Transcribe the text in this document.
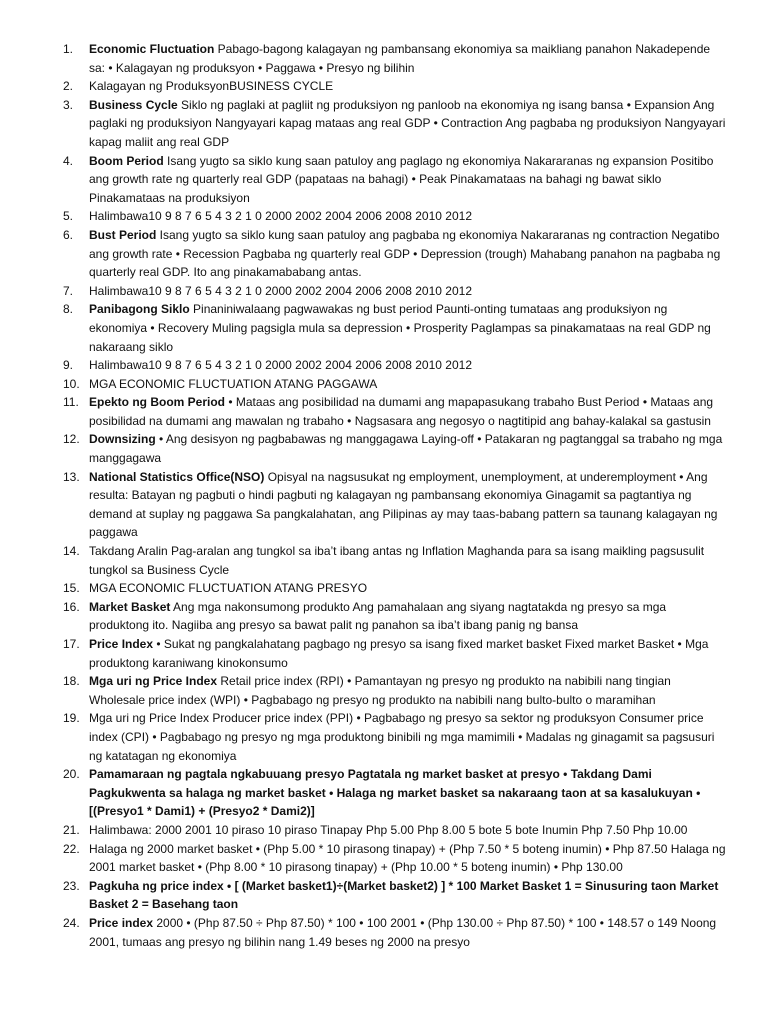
1.	Economic Fluctuation Pabago-bagong kalagayan ng pambansang ekonomiya sa maikliang panahon Nakadepende sa: • Kalagayan ng produksyon • Paggawa • Presyo ng bilihin
2.	Kalagayan ng ProduksyonBUSINESS CYCLE
3.	Business Cycle Siklo ng paglaki at pagliit ng produksiyon ng panloob na ekonomiya ng isang bansa • Expansion Ang paglaki ng produksiyon Nangyayari kapag mataas ang real GDP • Contraction Ang pagbaba ng produksiyon Nangyayari kapag maliit ang real GDP
4.	Boom Period Isang yugto sa siklo kung saan patuloy ang paglago ng ekonomiya Nakararanas ng expansion Positibo ang growth rate ng quarterly real GDP (papataas na bahagi) • Peak Pinakamataas na bahagi ng bawat siklo Pinakamataas na produksiyon
5.	Halimbawa10 9 8 7 6 5 4 3 2 1 0 2000 2002 2004 2006 2008 2010 2012
6.	Bust Period Isang yugto sa siklo kung saan patuloy ang pagbaba ng ekonomiya Nakararanas ng contraction Negatibo ang growth rate • Recession Pagbaba ng quarterly real GDP • Depression (trough) Mahabang panahon na pagbaba ng quarterly real GDP. Ito ang pinakamababang antas.
7.	Halimbawa10 9 8 7 6 5 4 3 2 1 0 2000 2002 2004 2006 2008 2010 2012
8.	Panibagong Siklo Pinaniniwalaang pagwawakas ng bust period Paunti-onting tumataas ang produksiyon ng ekonomiya • Recovery Muling pagsigla mula sa depression • Prosperity Paglampas sa pinakamataas na real GDP ng nakaraang siklo
9.	Halimbawa10 9 8 7 6 5 4 3 2 1 0 2000 2002 2004 2006 2008 2010 2012
10. MGA ECONOMIC FLUCTUATION ATANG PAGGAWA
11. Epekto ng Boom Period • Mataas ang posibilidad na dumami ang mapapasukang trabaho Bust Period • Mataas ang posibilidad na dumami ang mawalan ng trabaho • Nagsasara ang negosyo o nagtitipid ang bahay-kalakal sa gastusin
12. Downsizing • Ang desisyon ng pagbabawas ng manggagawa Laying-off • Patakaran ng pagtanggal sa trabaho ng mga manggagawa
13. National Statistics Office(NSO) Opisyal na nagsusukat ng employment, unemployment, at underemployment • Ang resulta: Batayan ng pagbuti o hindi pagbuti ng kalagayan ng pambansang ekonomiya Ginagamit sa pagtantiya ng demand at suplay ng paggawa Sa pangkalahatan, ang Pilipinas ay may taas-babang pattern sa taunang kalagayan ng paggawa
14. Takdang Aralin Pag-aralan ang tungkol sa iba’t ibang antas ng Inflation Maghanda para sa isang maikling pagsusulit tungkol sa Business Cycle
15. MGA ECONOMIC FLUCTUATION ATANG PRESYO
16. Market Basket Ang mga nakonsumong produkto Ang pamahalaan ang siyang nagtatakda ng presyo sa mga produktong ito. Nagiiba ang presyo sa bawat palit ng panahon sa iba’t ibang panig ng bansa
17. Price Index • Sukat ng pangkalahatang pagbago ng presyo sa isang fixed market basket Fixed market Basket • Mga produktong karaniwang kinokonsumo
18. Mga uri ng Price Index Retail price index (RPI) • Pamantayan ng presyo ng produkto na nabibili nang tingian Wholesale price index (WPI) • Pagbabago ng presyo ng produkto na nabibili nang bulto-bulto o maramihan
19. Mga uri ng Price Index Producer price index (PPI) • Pagbabago ng presyo sa sektor ng produksyon Consumer price index (CPI) • Pagbabago ng presyo ng mga produktong binibili ng mga mamimili • Madalas ng ginagamit sa pagsusuri ng katatagan ng ekonomiya
20. Pamamaraan ng pagtala ngkabuuang presyo Pagtatala ng market basket at presyo • Takdang Dami Pagkukwenta sa halaga ng market basket • Halaga ng market basket sa nakaraang taon at sa kasalukuyan • [(Presyo1 * Dami1) + (Presyo2 * Dami2)]
21. Halimbawa: 2000 2001 10 piraso 10 piraso Tinapay Php 5.00 Php 8.00 5 bote 5 bote Inumin Php 7.50 Php 10.00
22. Halaga ng 2000 market basket • (Php 5.00 * 10 pirasong tinapay) + (Php 7.50 * 5 boteng inumin) • Php 87.50 Halaga ng 2001 market basket • (Php 8.00 * 10 pirasong tinapay) + (Php 10.00 * 5 boteng inumin) • Php 130.00
23. Pagkuha ng price index • [ (Market basket1)÷(Market basket2) ] * 100 Market Basket 1 = Sinusuring taon Market Basket 2 = Basehang taon
24. Price index 2000 • (Php 87.50 ÷ Php 87.50) * 100 • 100 2001 • (Php 130.00 ÷ Php 87.50) * 100 • 148.57 o 149 Noong 2001, tumaas ang presyo ng bilihin nang 1.49 beses ng 2000 na presyo
